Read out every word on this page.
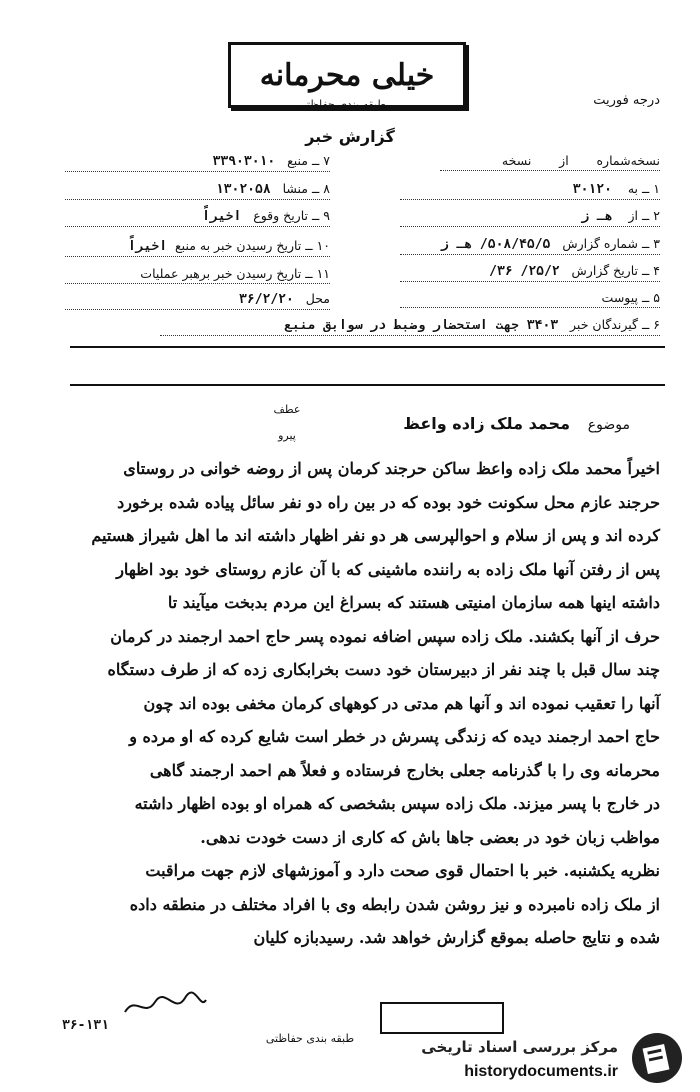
خیلی محرمانه
طبقه بندی حفاظتی	درجه فوریت
گزارش خبر
نسخه‌شماره       از       نسخه
۱ ــ به    ۳۰۱۲۰
۲ ــ از    هـ ز
۳ ــ شماره گزارش   ۵۰۸/۴۵/۵/ هـ ز
۴ ــ تاریخ گزارش   ۲۵/۲/ ۳۶/
۵ ــ پیوست
۶ ــ گیرندگان خبر   ۳۴۰۳ جهت استحضار وضبط در سوابق منبع
۷ ــ منبع   ۳۳۹۰۳۰۱۰
۸ ــ منشا   ۱۳۰۲۰۵۸
۹ ــ تاریخ وقوع   اخیراً
۱۰ ــ تاریخ رسیدن خبر به منبع  اخیراً
۱۱ ــ تاریخ رسیدن خبر برهبر عملیات
محل   ۳۶/۲/۲۰
عطف
پیرو
موضوع    محمد ملک زاده واعظ
اخیراً محمد ملک زاده واعظ ساکن حرجند کرمان پس از روضه خوانی در روستای
حرجند عازم محل سکونت خود بوده که در بین راه دو نفر سائل پیاده شده برخورد
کرده اند و پس از سلام و احوالپرسی هر دو نفر اظهار داشته اند ما اهل شیراز هستیم
پس از رفتن آنها ملک زاده به راننده ماشینی که با آن عازم روستای خود بود اظهار
داشته اینها همه سازمان امنیتی هستند که بسراغ این مردم بدبخت میآیند تا
حرف از آنها بکشند. ملک زاده سپس اضافه نموده پسر حاج احمد ارجمند در کرمان
چند سال قبل با چند نفر از دبیرستان خود دست بخرابکاری زده که از طرف دستگاه
آنها را تعقیب نموده اند و آنها هم مدتی در کوههای کرمان مخفی بوده اند چون
حاج احمد ارجمند دیده که زندگی پسرش در خطر است شایع کرده که او مرده و
محرمانه وی را با گذرنامه جعلی بخارج فرستاده و فعلاً هم احمد ارجمند گاهی
در خارج با پسر میزند. ملک زاده سپس بشخصی که همراه او بوده اظهار داشته
مواظب زبان خود در بعضی جاها باش که کاری از دست خودت ندهی.
نظریه یکشنبه. خبر با احتمال قوی صحت دارد و آموزشهای لازم جهت مراقبت
از ملک زاده نامبرده و نیز روشن شدن رابطه وی با افراد مختلف در منطقه داده
شده و نتایج حاصله بموقع گزارش خواهد شد. رسیدبازه کلیان
طبقه بندی حفاظتی
۳۶-۱۳۱
مرکز بررسی اسناد تاریخی
historydocuments.ir
